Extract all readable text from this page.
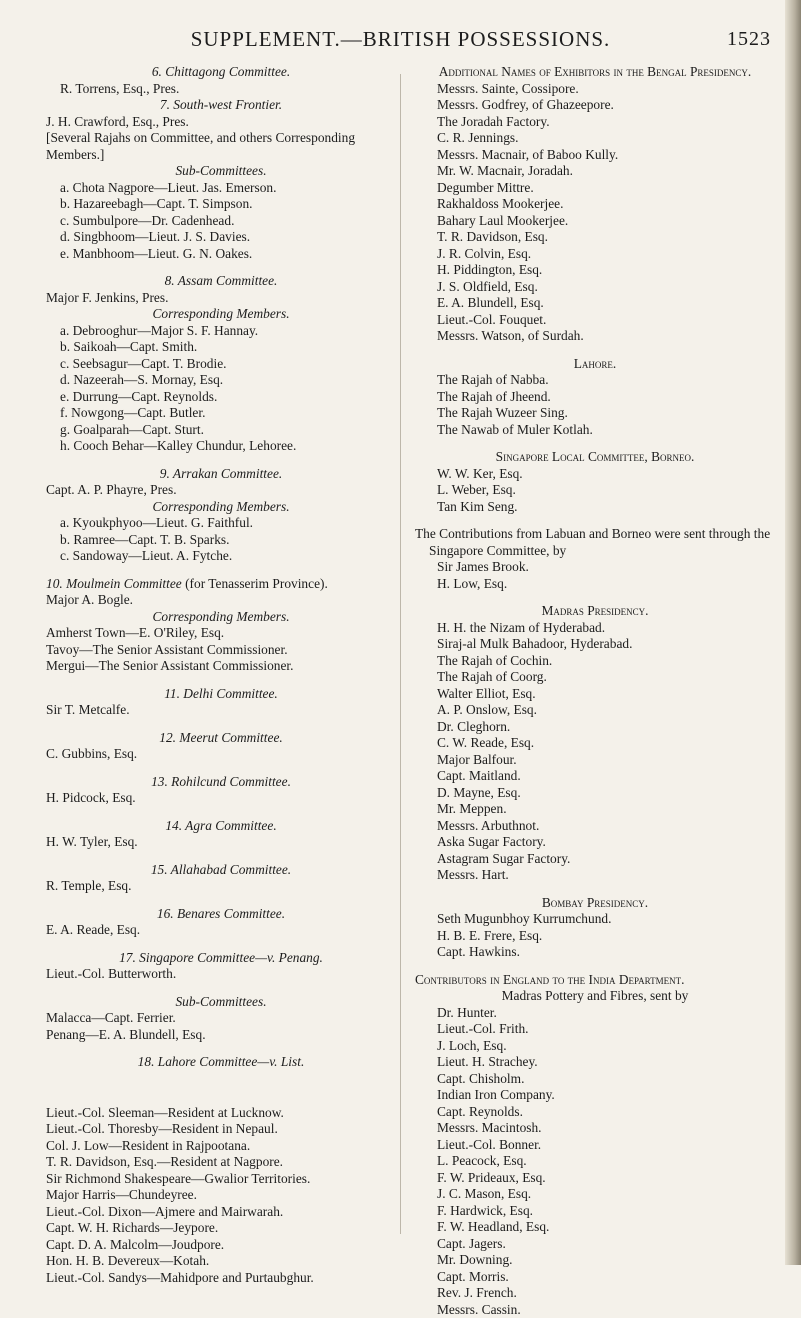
SUPPLEMENT.—BRITISH POSSESSIONS.	1523

6. Chittagong Committee.

R. Torrens, Esq., Pres.

7. South-west Frontier.

J. H. Crawford, Esq., Pres.

[Several Rajahs on Committee, and others Corresponding Members.]

Sub-Committees.

a. Chota Nagpore—Lieut. Jas. Emerson.

b. Hazareebagh—Capt. T. Simpson.

c. Sumbulpore—Dr. Cadenhead.

d. Singbhoom—Lieut. J. S. Davies.

e. Manbhoom—Lieut. G. N. Oakes.

8. Assam Committee.

Major F. Jenkins, Pres.

Corresponding Members.

a. Debrooghur—Major S. F. Hannay.

b. Saikoah—Capt. Smith.

c. Seebsagur—Capt. T. Brodie.

d. Nazeerah—S. Mornay, Esq.

e. Durrung—Capt. Reynolds.

f. Nowgong—Capt. Butler.

g. Goalparah—Capt. Sturt.

h. Cooch Behar—Kalley Chundur, Lehoree.

9. Arrakan Committee.

Capt. A. P. Phayre, Pres.

Corresponding Members.

a. Kyoukphyoo—Lieut. G. Faithful.

b. Ramree—Capt. T. B. Sparks.

c. Sandoway—Lieut. A. Fytche.

10. Moulmein Committee (for Tenasserim Province).

Major A. Bogle.

Corresponding Members.

Amherst Town—E. O'Riley, Esq.

Tavoy—The Senior Assistant Commissioner.

Mergui—The Senior Assistant Commissioner.

11. Delhi Committee.

Sir T. Metcalfe.

12. Meerut Committee.

C. Gubbins, Esq.

13. Rohilcund Committee.

H. Pidcock, Esq.

14. Agra Committee.

H. W. Tyler, Esq.

15. Allahabad Committee.

R. Temple, Esq.

16. Benares Committee.

E. A. Reade, Esq.

17. Singapore Committee—v. Penang.

Lieut.-Col. Butterworth.

Sub-Committees.

Malacca—Capt. Ferrier.

Penang—E. A. Blundell, Esq.

18. Lahore Committee—v. List.

Lieut.-Col. Sleeman—Resident at Lucknow.

Lieut.-Col. Thoresby—Resident in Nepaul.

Col. J. Low—Resident in Rajpootana.

T. R. Davidson, Esq.—Resident at Nagpore.

Sir Richmond Shakespeare—Gwalior Territories.

Major Harris—Chundeyree.

Lieut.-Col. Dixon—Ajmere and Mairwarah.

Capt. W. H. Richards—Jeypore.

Capt. D. A. Malcolm—Joudpore.

Hon. H. B. Devereux—Kotah.

Lieut.-Col. Sandys—Mahidpore and Purtaubghur.

Additional Names of Exhibitors in the Bengal Presidency.

Messrs. Sainte, Cossipore.

Messrs. Godfrey, of Ghazeepore.

The Joradah Factory.

C. R. Jennings.

Messrs. Macnair, of Baboo Kully.

Mr. W. Macnair, Joradah.

Degumber Mittre.

Rakhaldoss Mookerjee.

Bahary Laul Mookerjee.

T. R. Davidson, Esq.

J. R. Colvin, Esq.

H. Piddington, Esq.

J. S. Oldfield, Esq.

E. A. Blundell, Esq.

Lieut.-Col. Fouquet.

Messrs. Watson, of Surdah.

Lahore.

The Rajah of Nabba.

The Rajah of Jheend.

The Rajah Wuzeer Sing.

The Nawab of Muler Kotlah.

Singapore Local Committee, Borneo.

W. W. Ker, Esq.

L. Weber, Esq.

Tan Kim Seng.

The Contributions from Labuan and Borneo were sent through the Singapore Committee, by

Sir James Brook.

H. Low, Esq.

Madras Presidency.

H. H. the Nizam of Hyderabad.

Siraj-al Mulk Bahadoor, Hyderabad.

The Rajah of Cochin.

The Rajah of Coorg.

Walter Elliot, Esq.

A. P. Onslow, Esq.

Dr. Cleghorn.

C. W. Reade, Esq.

Major Balfour.

Capt. Maitland.

D. Mayne, Esq.

Mr. Meppen.

Messrs. Arbuthnot.

Aska Sugar Factory.

Astagram Sugar Factory.

Messrs. Hart.

Bombay Presidency.

Seth Mugunbhoy Kurrumchund.

H. B. E. Frere, Esq.

Capt. Hawkins.

Contributors in England to the India Department.

Madras Pottery and Fibres, sent by

Dr. Hunter.

Lieut.-Col. Frith.

J. Loch, Esq.

Lieut. H. Strachey.

Capt. Chisholm.

Indian Iron Company.

Capt. Reynolds.

Messrs. Macintosh.

Lieut.-Col. Bonner.

L. Peacock, Esq.

F. W. Prideaux, Esq.

J. C. Mason, Esq.

F. Hardwick, Esq.

F. W. Headland, Esq.

Capt. Jagers.

Mr. Downing.

Capt. Morris.

Rev. J. French.

Messrs. Cassin.
